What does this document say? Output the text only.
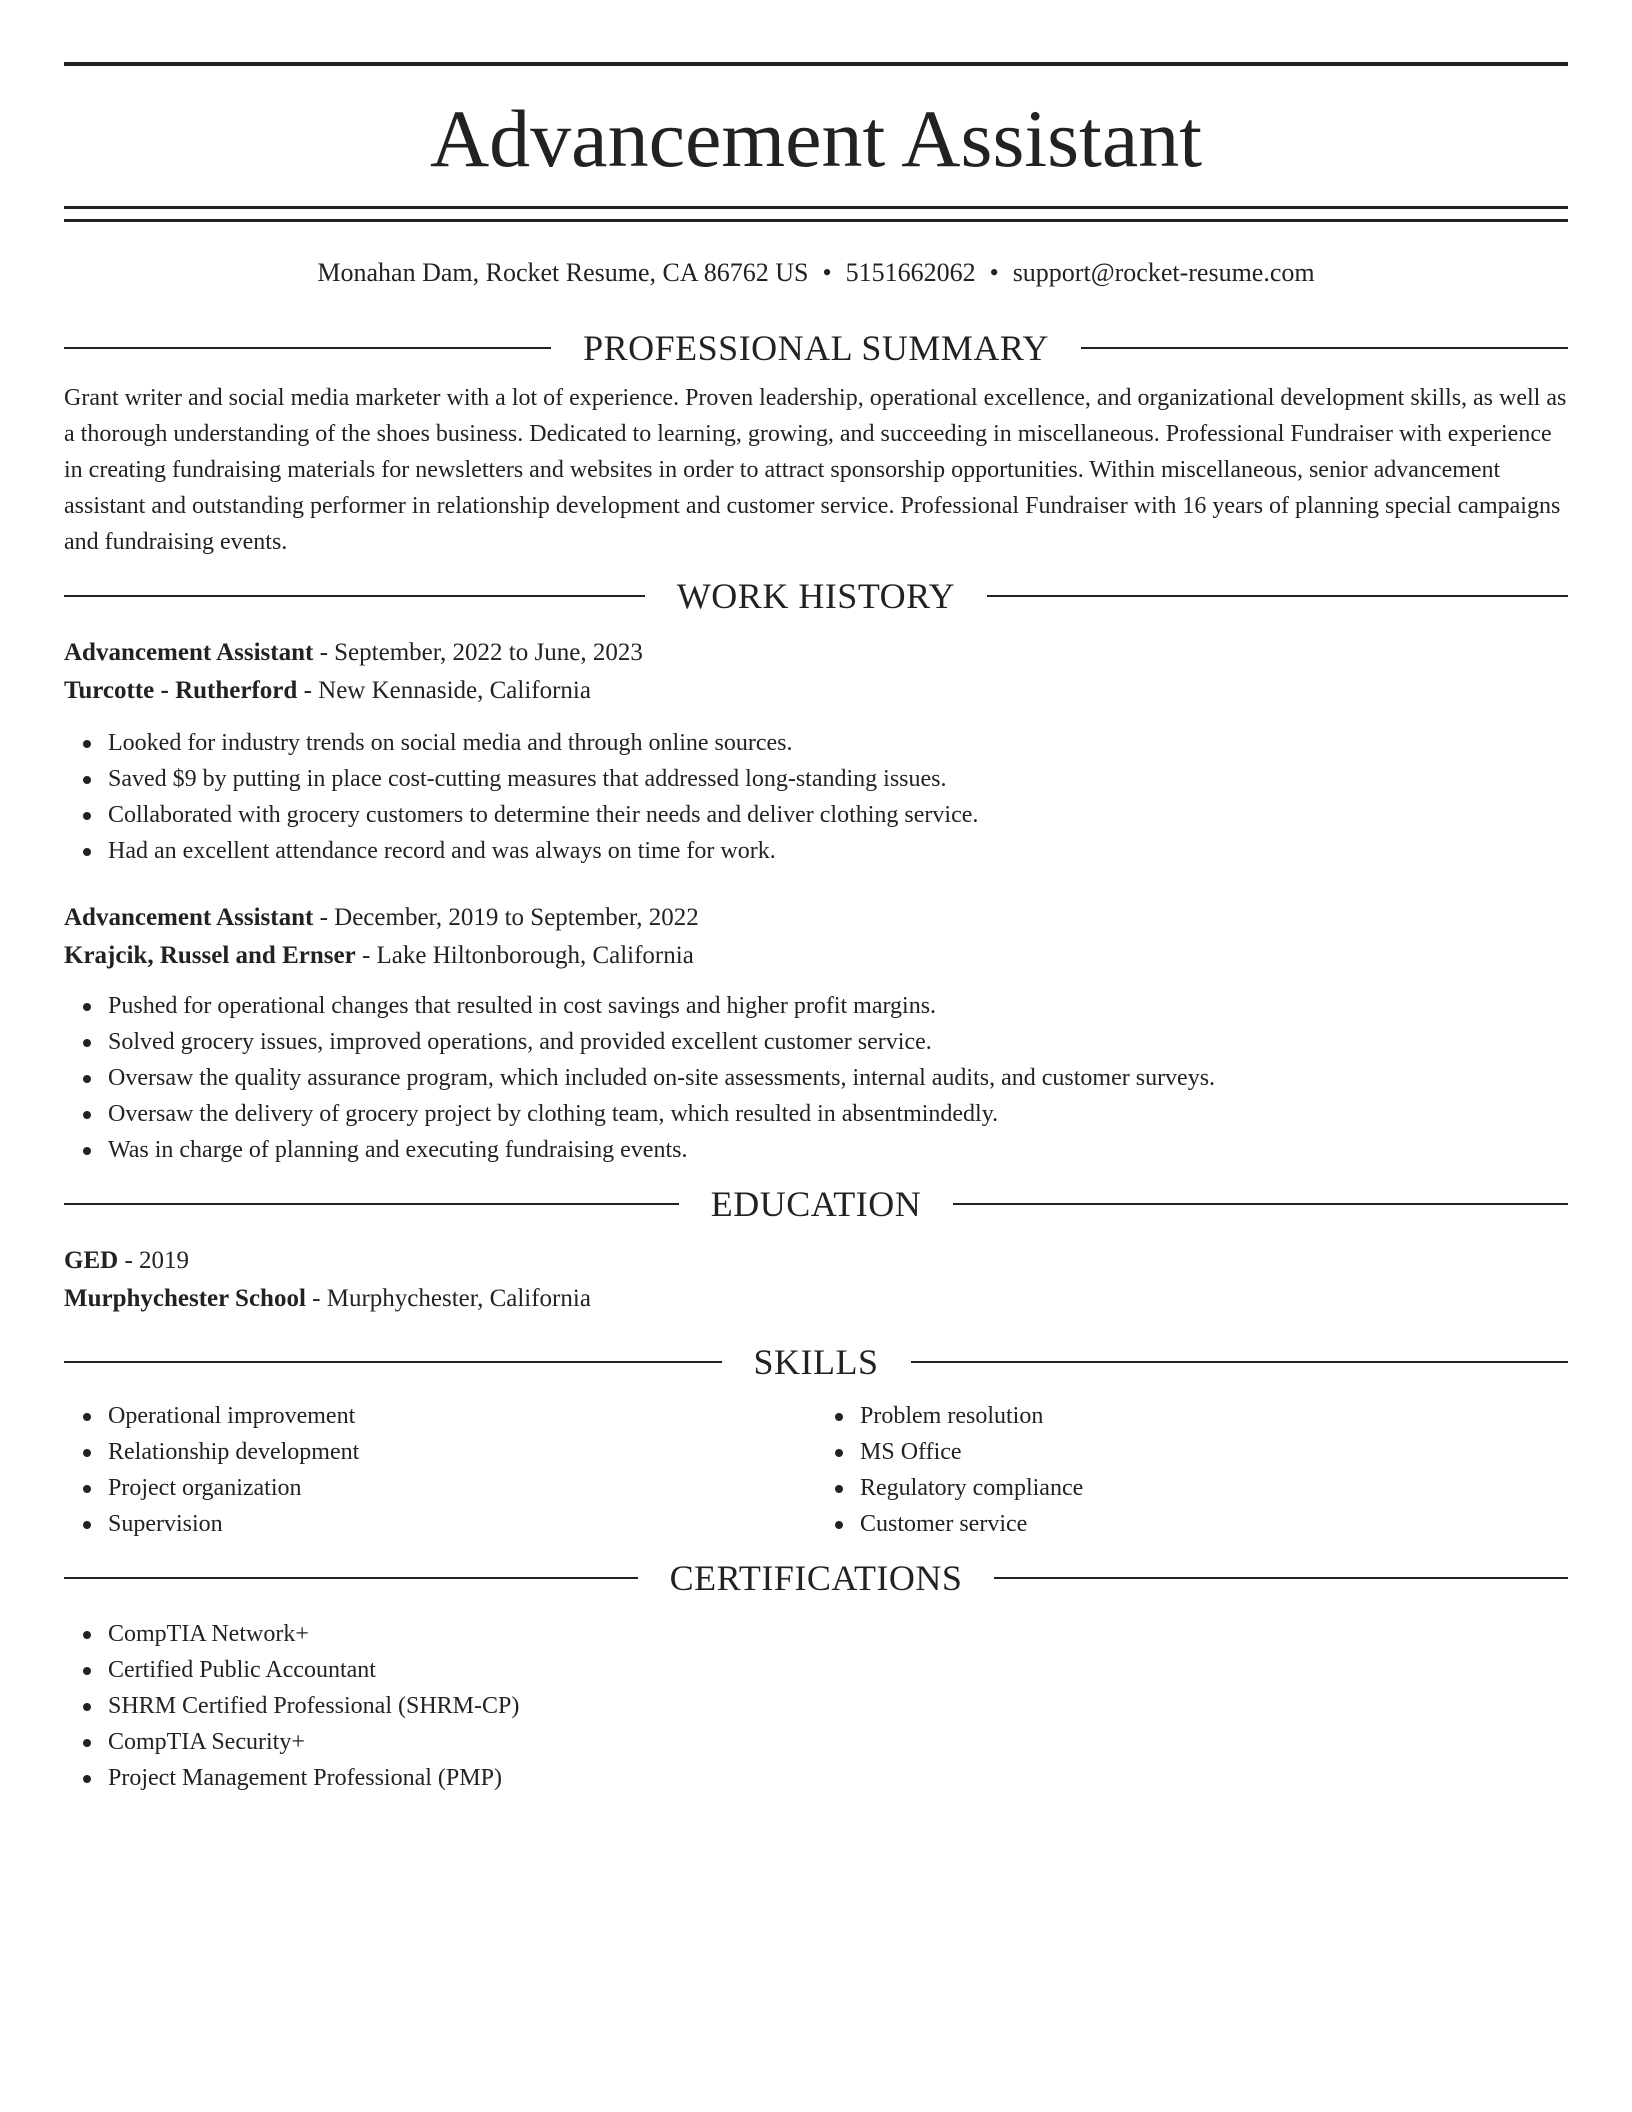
Advancement Assistant
Monahan Dam, Rocket Resume, CA 86762 US • 5151662062 • support@rocket-resume.com
PROFESSIONAL SUMMARY
Grant writer and social media marketer with a lot of experience. Proven leadership, operational excellence, and organizational development skills, as well as a thorough understanding of the shoes business. Dedicated to learning, growing, and succeeding in miscellaneous. Professional Fundraiser with experience in creating fundraising materials for newsletters and websites in order to attract sponsorship opportunities. Within miscellaneous, senior advancement assistant and outstanding performer in relationship development and customer service. Professional Fundraiser with 16 years of planning special campaigns and fundraising events.
WORK HISTORY
Advancement Assistant - September, 2022 to June, 2023
Turcotte - Rutherford - New Kennaside, California
Looked for industry trends on social media and through online sources.
Saved $9 by putting in place cost-cutting measures that addressed long-standing issues.
Collaborated with grocery customers to determine their needs and deliver clothing service.
Had an excellent attendance record and was always on time for work.
Advancement Assistant - December, 2019 to September, 2022
Krajcik, Russel and Ernser - Lake Hiltonborough, California
Pushed for operational changes that resulted in cost savings and higher profit margins.
Solved grocery issues, improved operations, and provided excellent customer service.
Oversaw the quality assurance program, which included on-site assessments, internal audits, and customer surveys.
Oversaw the delivery of grocery project by clothing team, which resulted in absentmindedly.
Was in charge of planning and executing fundraising events.
EDUCATION
GED - 2019
Murphychester School - Murphychester, California
SKILLS
Operational improvement
Relationship development
Project organization
Supervision
Problem resolution
MS Office
Regulatory compliance
Customer service
CERTIFICATIONS
CompTIA Network+
Certified Public Accountant
SHRM Certified Professional (SHRM-CP)
CompTIA Security+
Project Management Professional (PMP)
